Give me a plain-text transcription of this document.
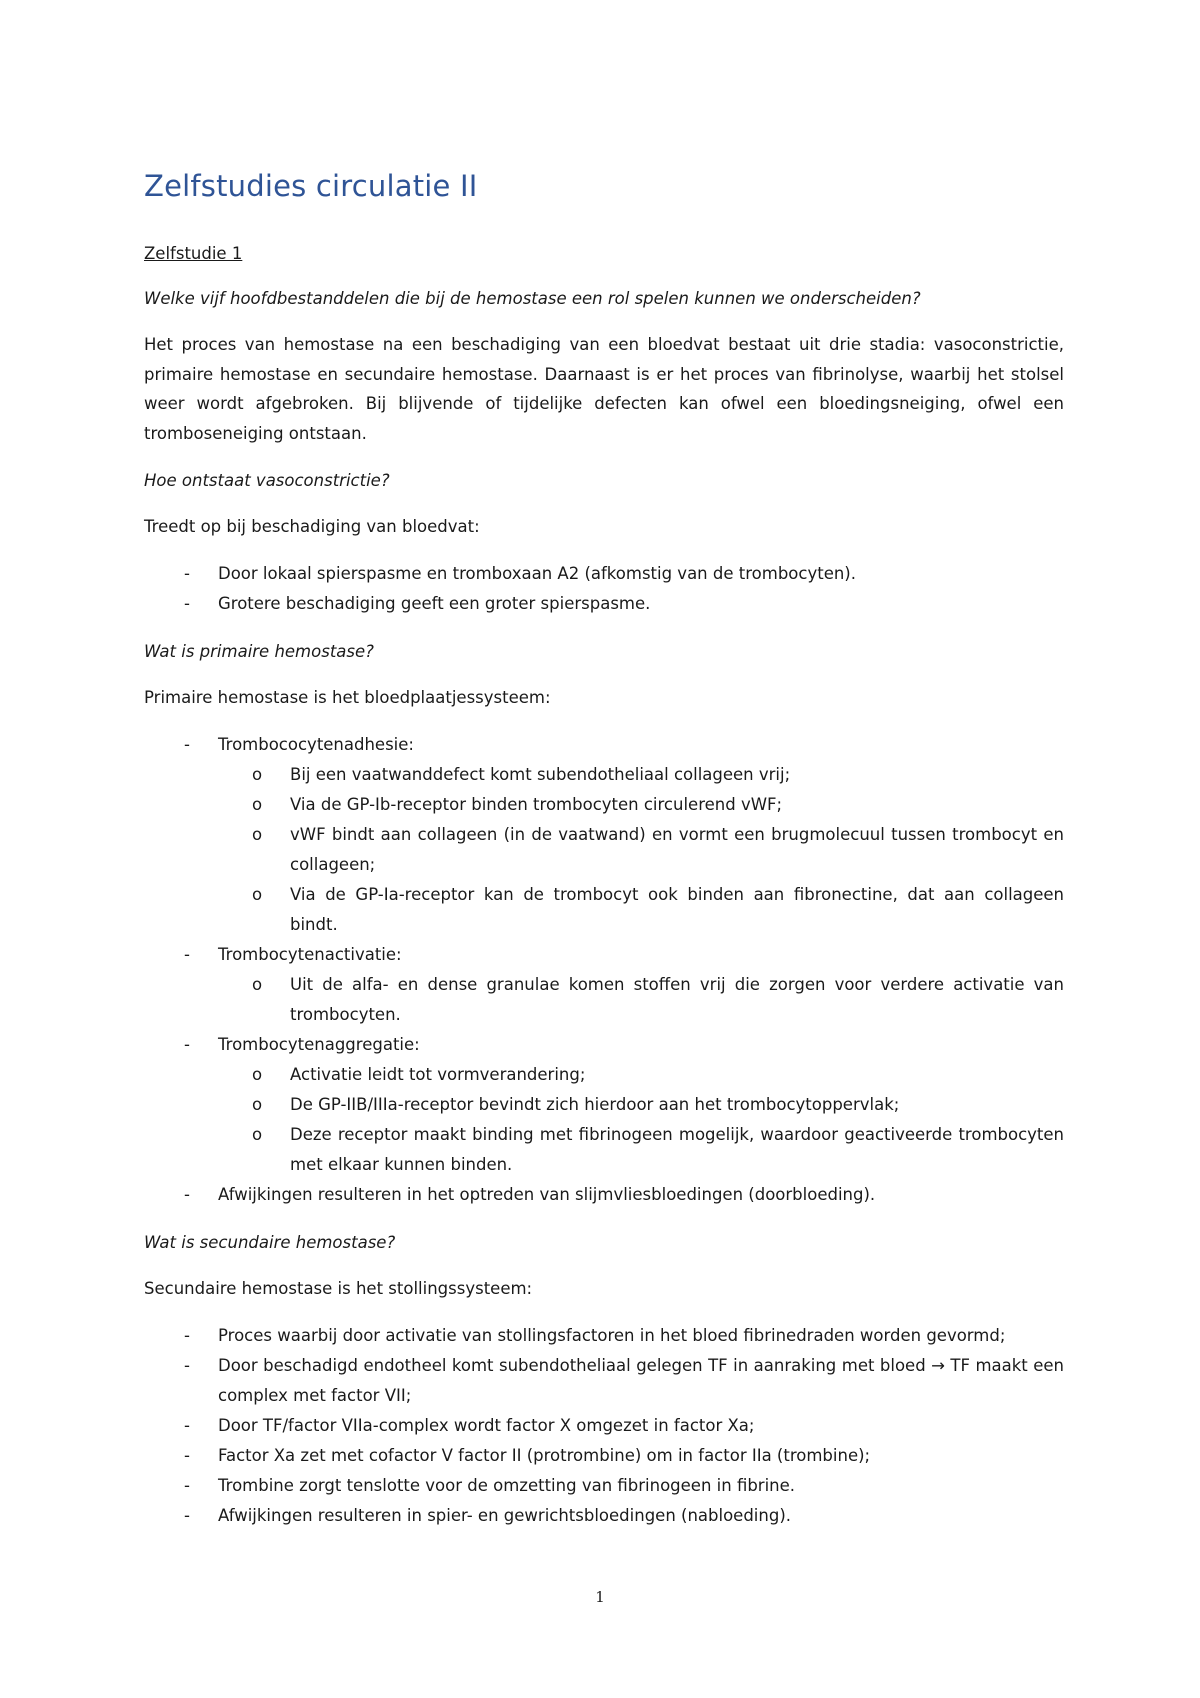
Zelfstudies circulatie II
Zelfstudie 1
Welke vijf hoofdbestanddelen die bij de hemostase een rol spelen kunnen we onderscheiden?
Het proces van hemostase na een beschadiging van een bloedvat bestaat uit drie stadia: vasoconstrictie, primaire hemostase en secundaire hemostase. Daarnaast is er het proces van fibrinolyse, waarbij het stolsel weer wordt afgebroken. Bij blijvende of tijdelijke defecten kan ofwel een bloedingsneiging, ofwel een tromboseneiging ontstaan.
Hoe ontstaat vasoconstrictie?
Treedt op bij beschadiging van bloedvat:
- Door lokaal spierspasme en tromboxaan A2 (afkomstig van de trombocyten).
- Grotere beschadiging geeft een groter spierspasme.
Wat is primaire hemostase?
Primaire hemostase is het bloedplaatjessysteem:
- Trombococytenadhesie:
o Bij een vaatwanddefect komt subendotheliaal collageen vrij;
o Via de GP-Ib-receptor binden trombocyten circulerend vWF;
o vWF bindt aan collageen (in de vaatwand) en vormt een brugmolecuul tussen trombocyt en collageen;
o Via de GP-Ia-receptor kan de trombocyt ook binden aan fibronectine, dat aan collageen bindt.
- Trombocytenactivatie:
o Uit de alfa- en dense granulae komen stoffen vrij die zorgen voor verdere activatie van trombocyten.
- Trombocytenaggregatie:
o Activatie leidt tot vormverandering;
o De GP-IIB/IIIa-receptor bevindt zich hierdoor aan het trombocytoppervlak;
o Deze receptor maakt binding met fibrinogeen mogelijk, waardoor geactiveerde trombocyten met elkaar kunnen binden.
- Afwijkingen resulteren in het optreden van slijmvliesbloedingen (doorbloeding).
Wat is secundaire hemostase?
Secundaire hemostase is het stollingssysteem:
- Proces waarbij door activatie van stollingsfactoren in het bloed fibrinedraden worden gevormd;
- Door beschadigd endotheel komt subendotheliaal gelegen TF in aanraking met bloed → TF maakt een complex met factor VII;
- Door TF/factor VIIa-complex wordt factor X omgezet in factor Xa;
- Factor Xa zet met cofactor V factor II (protrombine) om in factor IIa (trombine);
- Trombine zorgt tenslotte voor de omzetting van fibrinogeen in fibrine.
- Afwijkingen resulteren in spier- en gewrichtsbloedingen (nabloeding).
1
